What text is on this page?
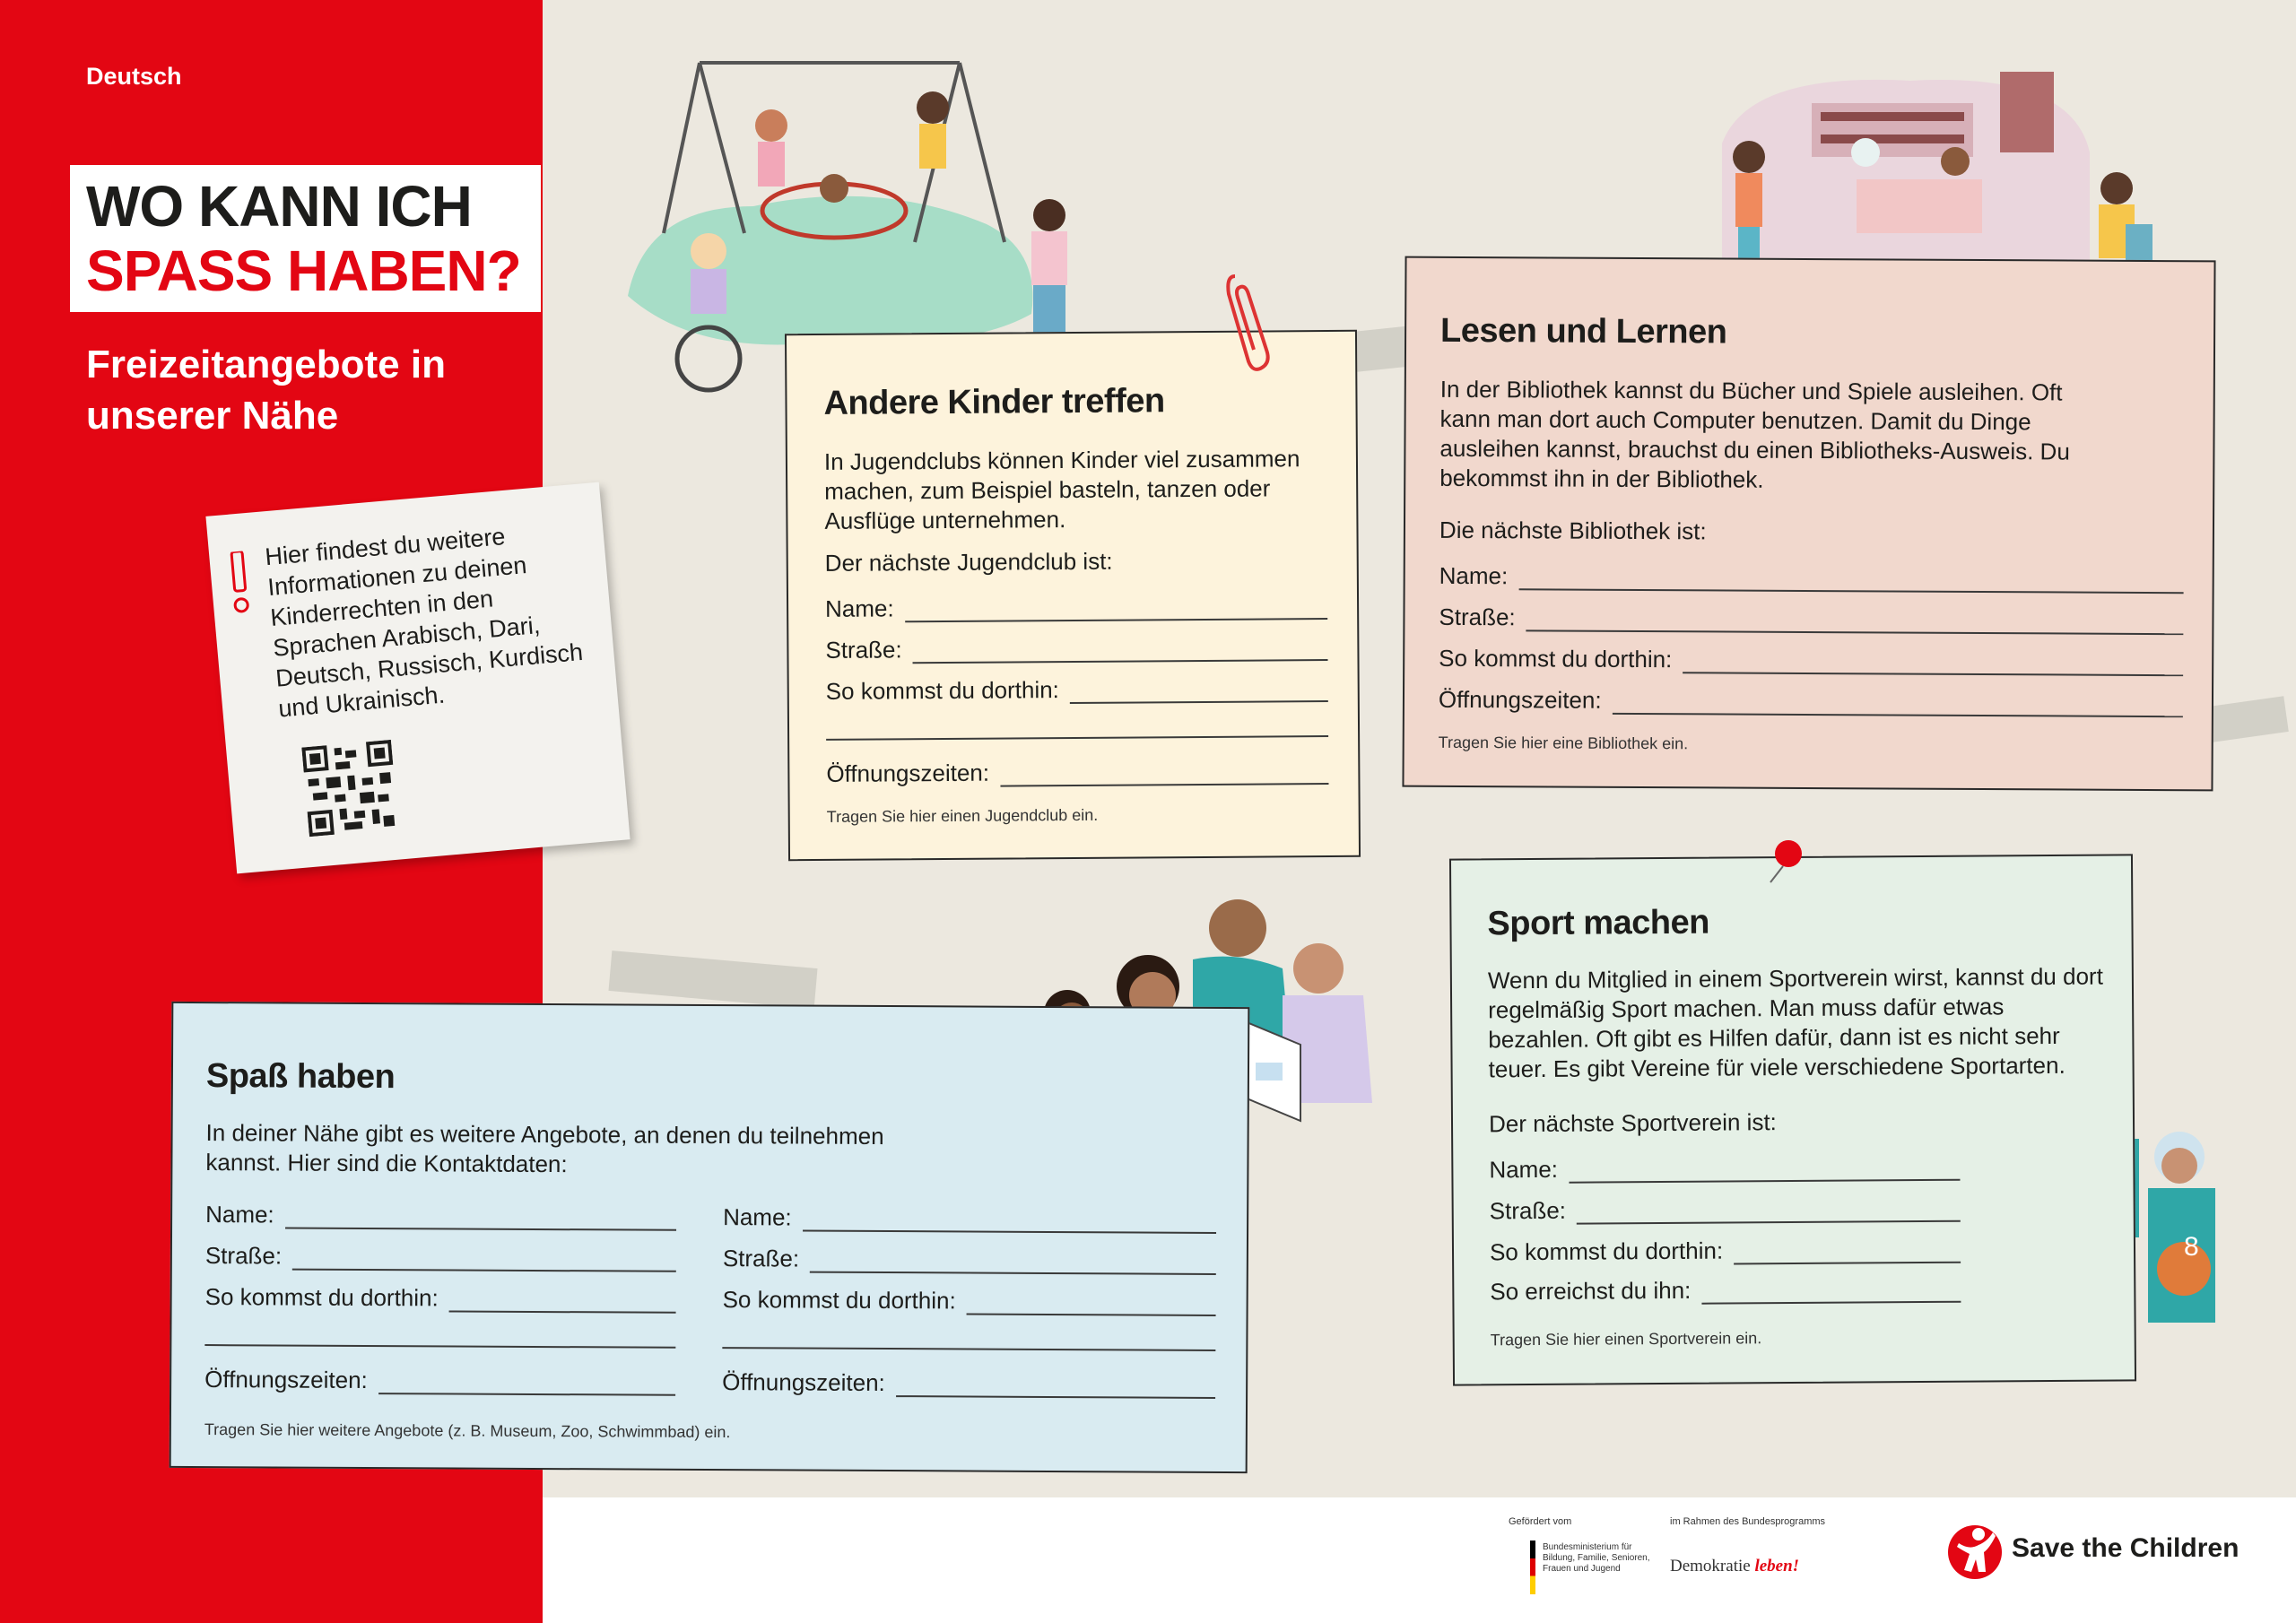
Deutsch
WO KANN ICH
SPASS HABEN?
Freizeitangebote in unserer Nähe
Hier findest du weitere Informationen zu deinen Kinderrechten in den Sprachen Arabisch, Dari, Deutsch, Russisch, Kurdisch und Ukrainisch.
8
Andere Kinder treffen

In Jugendclubs können Kinder viel zusammen machen, zum Beispiel basteln, tanzen oder Ausflüge unternehmen.

Der nächste Jugendclub ist:

Name:
Straße:
So kommst du dorthin:
Öffnungszeiten:
Tragen Sie hier einen Jugendclub ein.
Lesen und Lernen

In der Bibliothek kannst du Bücher und Spiele ausleihen. Oft kann man dort auch Computer benutzen. Damit du Dinge ausleihen kannst, brauchst du einen Bibliotheks-Ausweis. Du bekommst ihn in der Bibliothek.

Die nächste Bibliothek ist:

Name:
Straße:
So kommst du dorthin:
Öffnungszeiten:
Tragen Sie hier eine Bibliothek ein.
Spaß haben

In deiner Nähe gibt es weitere Angebote, an denen du teilnehmen kannst. Hier sind die Kontaktdaten:

Name:
Straße:
So kommst du dorthin:
Öffnungszeiten:
Name:
Straße:
So kommst du dorthin:
Öffnungszeiten:
Tragen Sie hier weitere Angebote (z. B. Museum, Zoo, Schwimmbad) ein.
Sport machen

Wenn du Mitglied in einem Sportverein wirst, kannst du dort regelmäßig Sport machen. Man muss dafür etwas bezahlen. Oft gibt es Hilfen dafür, dann ist es nicht sehr teuer. Es gibt Vereine für viele verschiedene Sportarten.

Der nächste Sportverein ist:

Name:
Straße:
So kommst du dorthin:
So erreichst du ihn:
Tragen Sie hier einen Sportverein ein.
Gefördert vom
Bundesministerium für Bildung, Familie, Senioren, Frauen und Jugend
im Rahmen des Bundesprogramms
Demokratie leben!
Save the Children
